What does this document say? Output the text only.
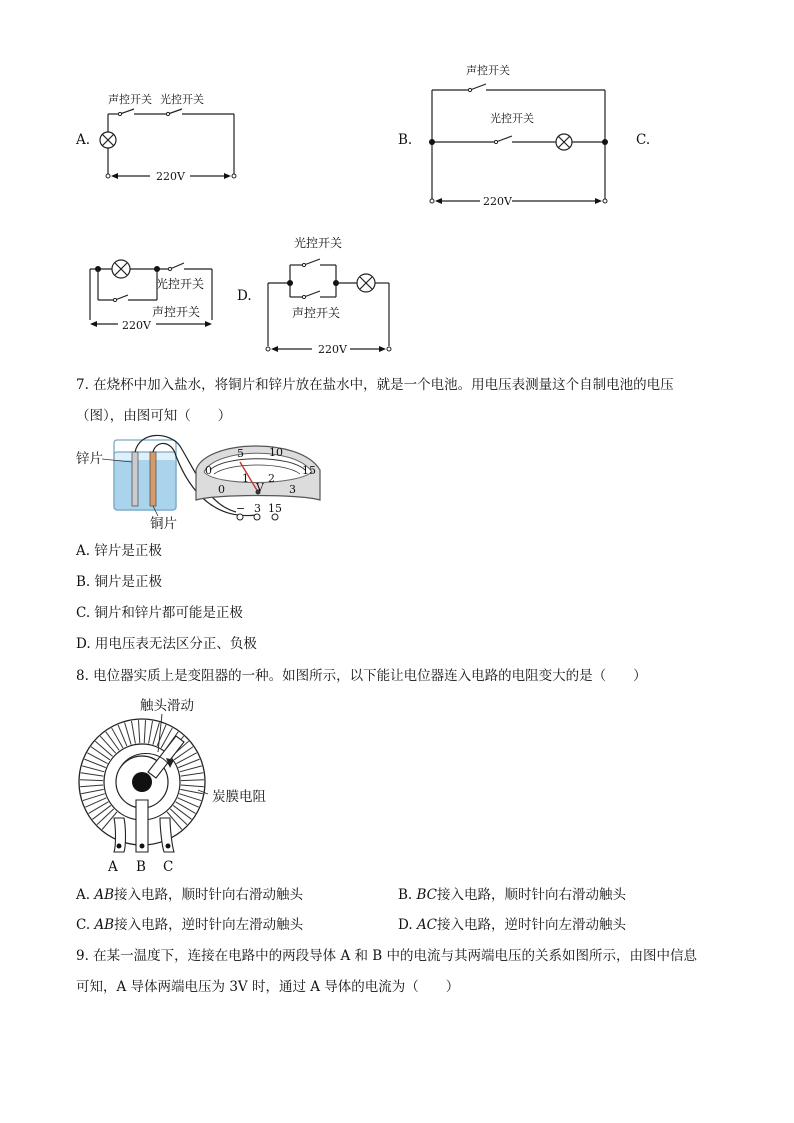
A.
声控开关 光控开关
220V
B.
声控开关
光控开关
220V
C.
光控开关
声控开关
220V
D.
光控开关
声控开关
220V
7. 在烧杯中加入盐水，将铜片和锌片放在盐水中，就是一个电池。用电压表测量这个自制电池的电压
（图），由图可知（　　）
锌片
铜片
0
5 10
15
0
1 2
3
V
− 3 15
A. 锌片是正极
B. 铜片是正极
C. 铜片和锌片都可能是正极
D. 用电压表无法区分正、负极
8. 电位器实质上是变阻器的一种。如图所示，以下能让电位器连入电路的电阻变大的是（　　）
触头滑动
炭膜电阻
A B C
A. AB接入电路，顺时针向右滑动触头	B. BC接入电路，顺时针向右滑动触头
C. AB接入电路，逆时针向左滑动触头	D. AC接入电路，逆时针向左滑动触头
9. 在某一温度下，连接在电路中的两段导体 A 和 B 中的电流与其两端电压的关系如图所示，由图中信息
可知，A 导体两端电压为 3V 时，通过 A 导体的电流为（　　）
